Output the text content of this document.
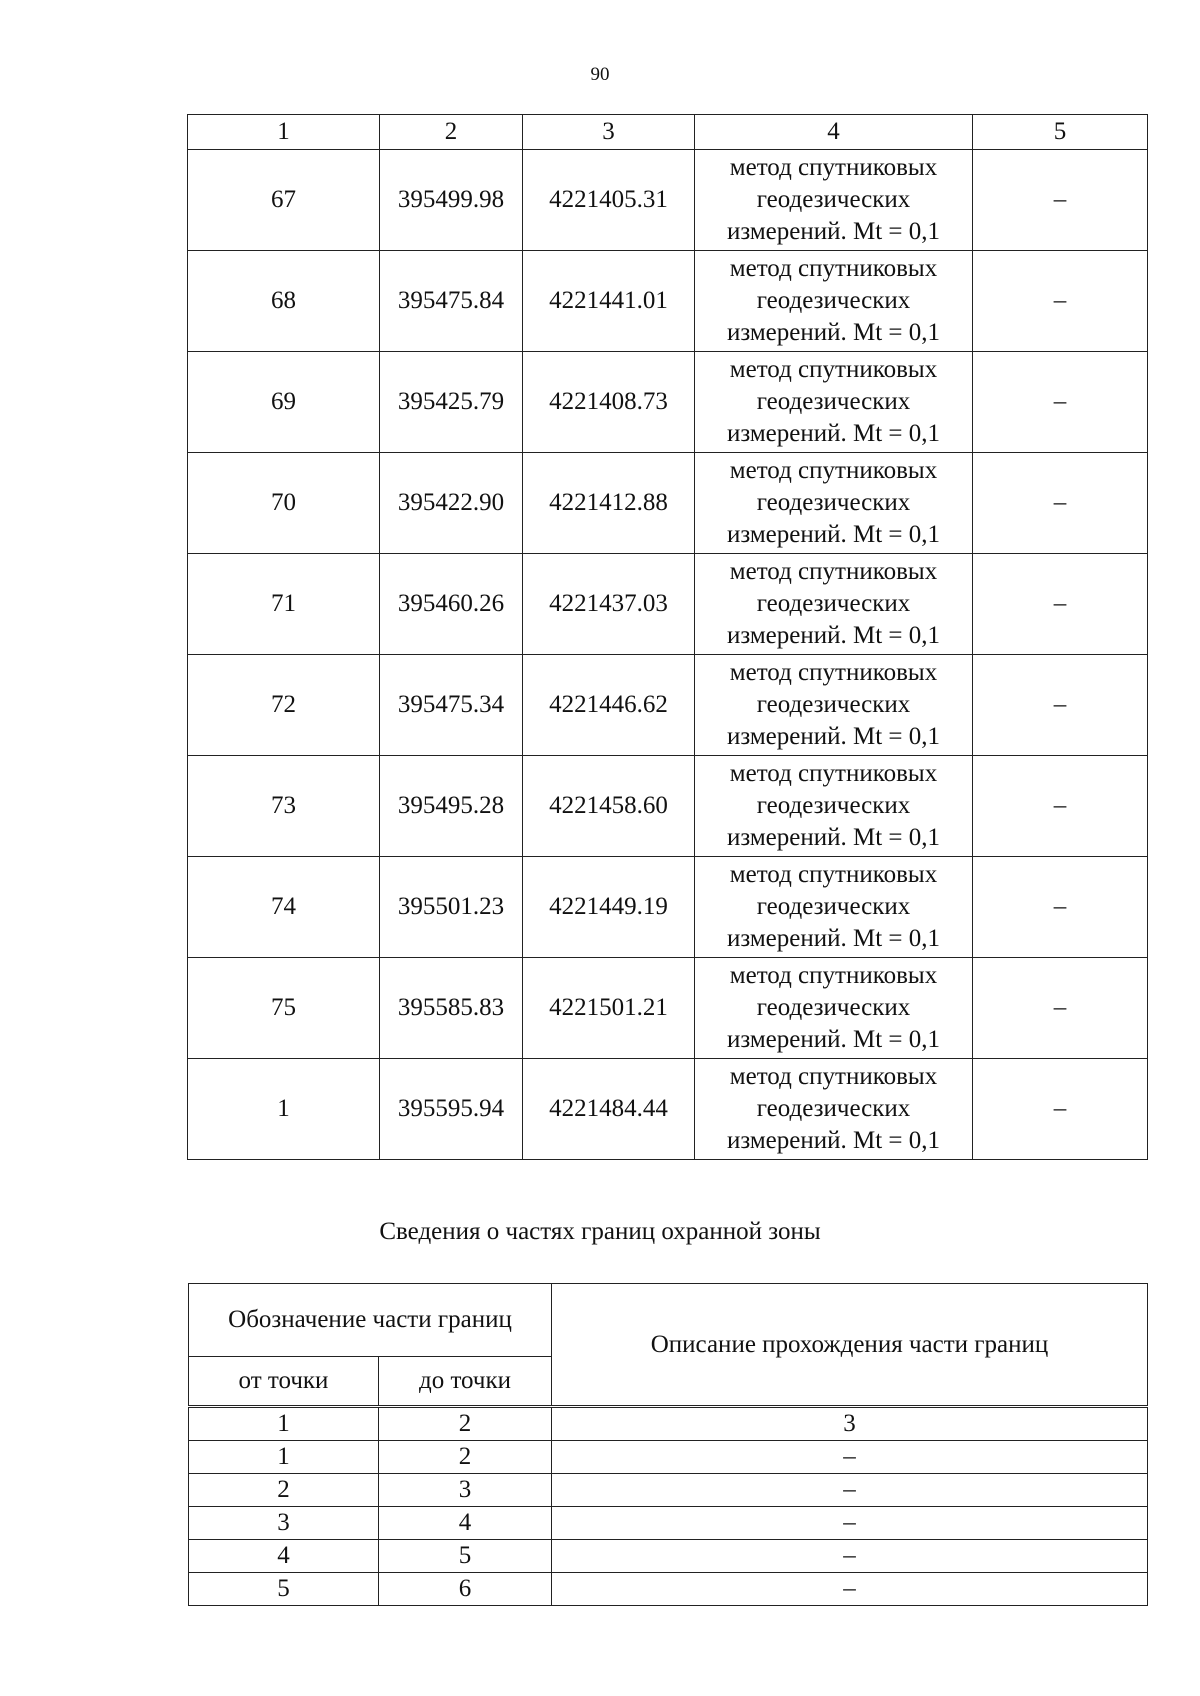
90
1	2	3	4	5
67	395499.98	4221405.31	метод спутниковых
геодезических
измерений. Mt = 0,1	–
68	395475.84	4221441.01	метод спутниковых
геодезических
измерений. Mt = 0,1	–
69	395425.79	4221408.73	метод спутниковых
геодезических
измерений. Mt = 0,1	–
70	395422.90	4221412.88	метод спутниковых
геодезических
измерений. Mt = 0,1	–
71	395460.26	4221437.03	метод спутниковых
геодезических
измерений. Mt = 0,1	–
72	395475.34	4221446.62	метод спутниковых
геодезических
измерений. Mt = 0,1	–
73	395495.28	4221458.60	метод спутниковых
геодезических
измерений. Mt = 0,1	–
74	395501.23	4221449.19	метод спутниковых
геодезических
измерений. Mt = 0,1	–
75	395585.83	4221501.21	метод спутниковых
геодезических
измерений. Mt = 0,1	–
1	395595.94	4221484.44	метод спутниковых
геодезических
измерений. Mt = 0,1	–
Сведения о частях границ охранной зоны
Обозначение части границ		Описание прохождения части границ
от точки	до точки	
1	2	3
1	2	–
2	3	–
3	4	–
4	5	–
5	6	–
